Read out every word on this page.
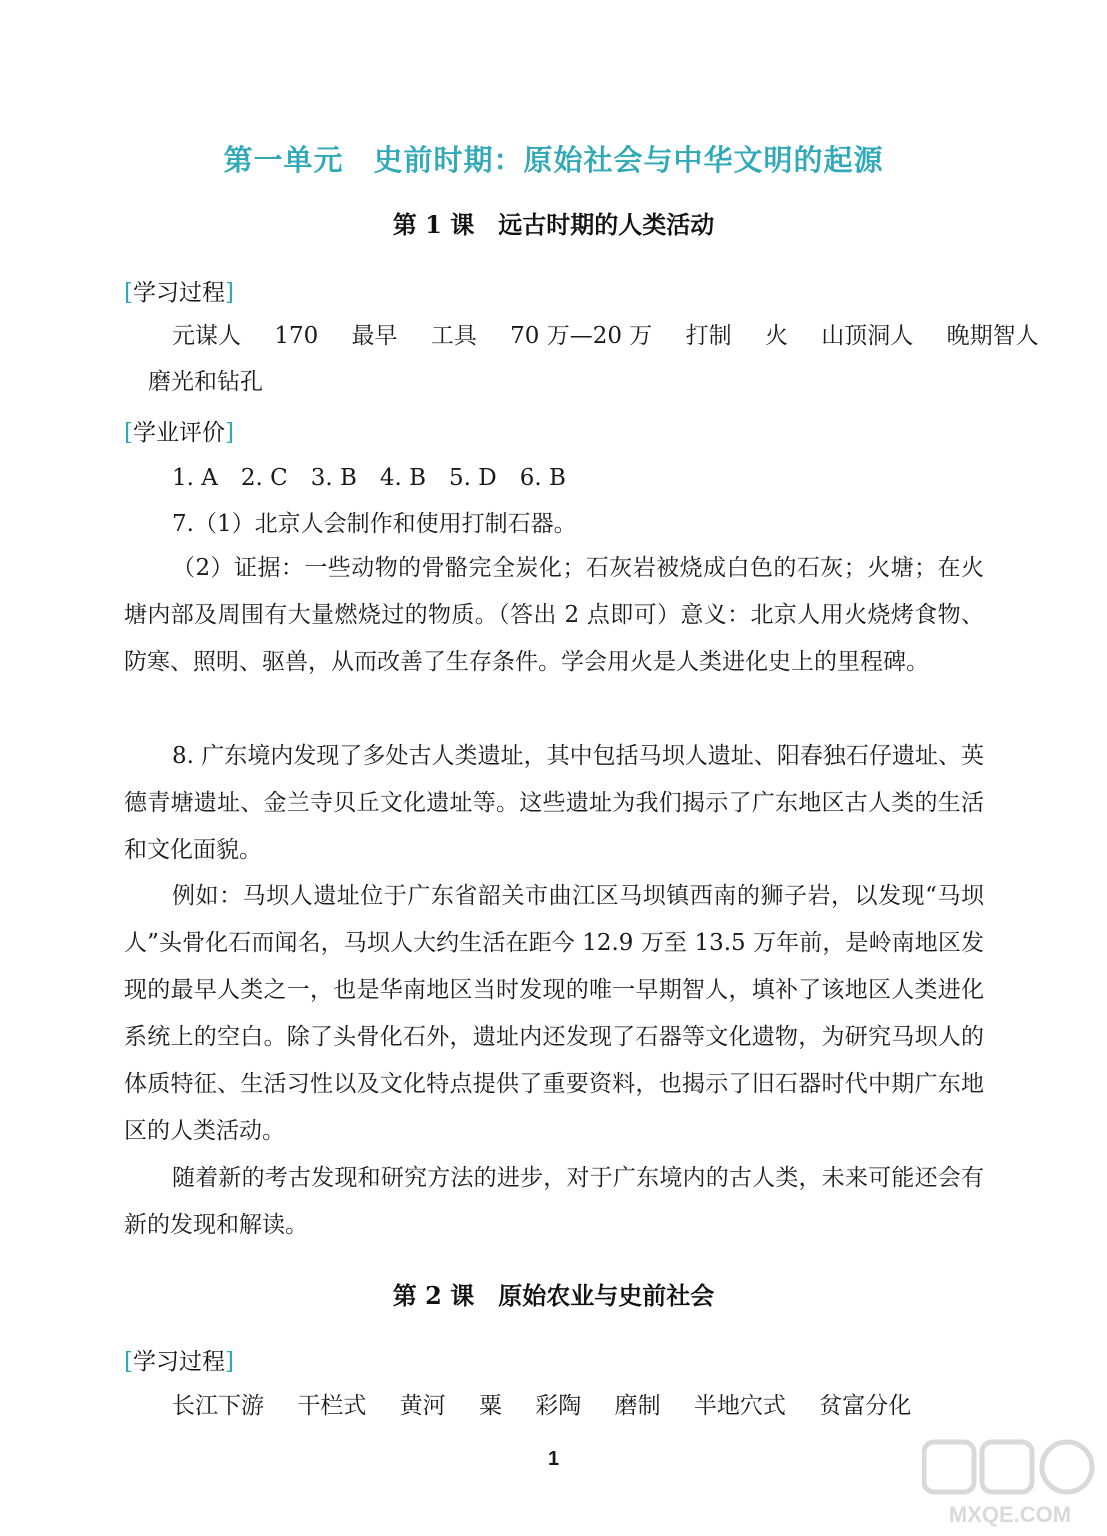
第一单元　史前时期：原始社会与中华文明的起源
第 1 课　远古时期的人类活动
[学习过程]
元谋人 170 最早 工具 70 万—20 万 打制 火 山顶洞人 晚期智人
磨光和钻孔
[学业评价]
1. A　2. C　3. B　4. B　5. D　6. B
7.（1）北京人会制作和使用打制石器。

（2）证据：一些动物的骨骼完全炭化；石灰岩被烧成白色的石灰；火塘；在火塘内部及周围有大量燃烧过的物质。（答出 2 点即可）意义：北京人用火烧烤食物、防寒、照明、驱兽，从而改善了生存条件。学会用火是人类进化史上的里程碑。

8. 广东境内发现了多处古人类遗址，其中包括马坝人遗址、阳春独石仔遗址、英德青塘遗址、金兰寺贝丘文化遗址等。这些遗址为我们揭示了广东地区古人类的生活和文化面貌。

例如：马坝人遗址位于广东省韶关市曲江区马坝镇西南的狮子岩，以发现“马坝人”头骨化石而闻名，马坝人大约生活在距今 12.9 万至 13.5 万年前，是岭南地区发现的最早人类之一，也是华南地区当时发现的唯一早期智人，填补了该地区人类进化系统上的空白。除了头骨化石外，遗址内还发现了石器等文化遗物，为研究马坝人的体质特征、生活习性以及文化特点提供了重要资料，也揭示了旧石器时代中期广东地区的人类活动。

随着新的考古发现和研究方法的进步，对于广东境内的古人类，未来可能还会有新的发现和解读。

第 2 课　原始农业与史前社会
[学习过程]
长江下游 干栏式 黄河 粟 彩陶 磨制 半地穴式 贫富分化
1
MXQE.COM
